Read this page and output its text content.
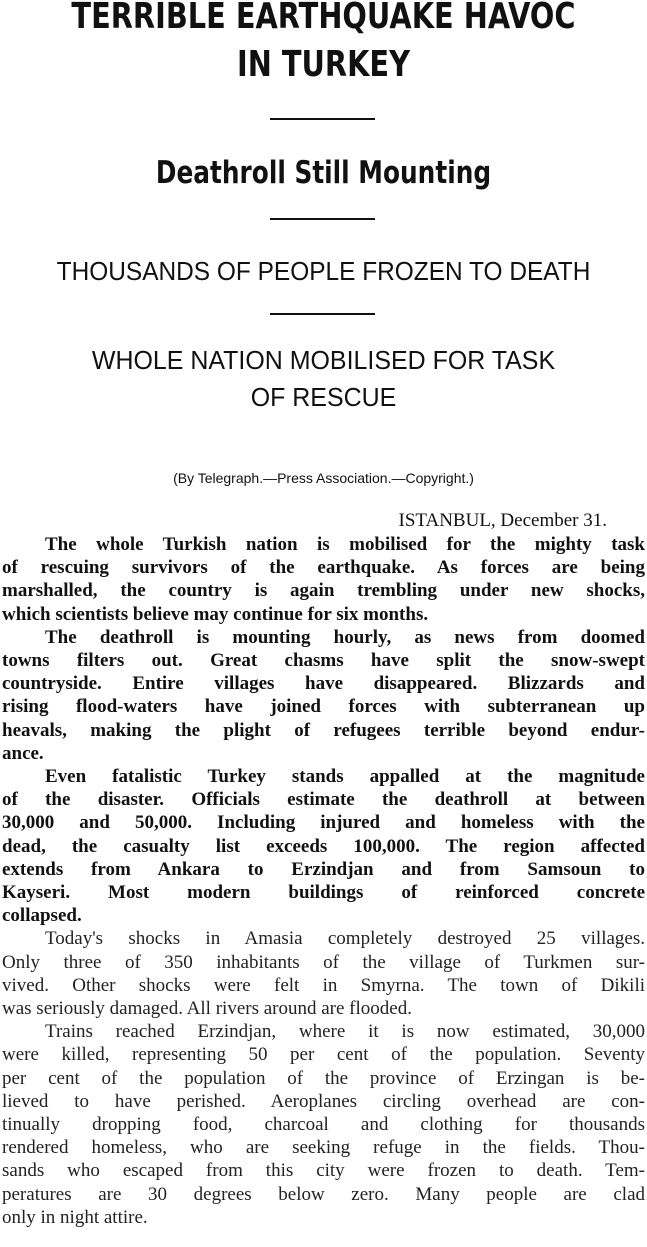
TERRIBLE EARTHQUAKE HAVOC
IN TURKEY
Deathroll Still Mounting
THOUSANDS OF PEOPLE FROZEN TO DEATH
WHOLE NATION MOBILISED FOR TASK
OF RESCUE
(By Telegraph.—Press Association.—Copyright.)
ISTANBUL, December 31.
The whole Turkish nation is mobilised for the mighty task
of rescuing survivors of the earthquake. As forces are being
marshalled, the country is again trembling under new shocks,
which scientists believe may continue for six months.
The deathroll is mounting hourly, as news from doomed
towns filters out. Great chasms have split the snow-swept
countryside. Entire villages have disappeared. Blizzards and
rising flood-waters have joined forces with subterranean up
heavals, making the plight of refugees terrible beyond endur-
ance.
Even fatalistic Turkey stands appalled at the magnitude
of the disaster. Officials estimate the deathroll at between
30,000 and 50,000. Including injured and homeless with the
dead, the casualty list exceeds 100,000. The region affected
extends from Ankara to Erzindjan and from Samsoun to
Kayseri. Most modern buildings of reinforced concrete
collapsed.
Today's shocks in Amasia completely destroyed 25 villages.
Only three of 350 inhabitants of the village of Turkmen sur-
vived. Other shocks were felt in Smyrna. The town of Dikili
was seriously damaged. All rivers around are flooded.
Trains reached Erzindjan, where it is now estimated, 30,000
were killed, representing 50 per cent of the population. Seventy
per cent of the population of the province of Erzingan is be-
lieved to have perished. Aeroplanes circling overhead are con-
tinually dropping food, charcoal and clothing for thousands
rendered homeless, who are seeking refuge in the fields. Thou-
sands who escaped from this city were frozen to death. Tem-
peratures are 30 degrees below zero. Many people are clad
only in night attire.
